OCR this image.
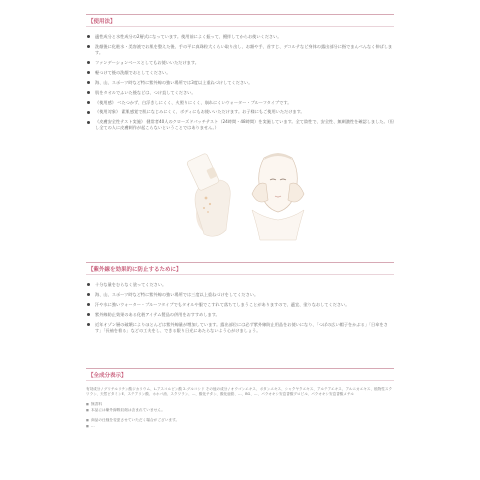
【使用法】
適性成分と水性成分の2層式になっています。使用前によく振って、攪拌してからお使いください。
洗顔後に化粧水・美容液でお肌を整えた後、手の平に真珠粒大くらい取り出し、お額や手、首すじ、デコルテなど身体の露出部分に指でまんべんなく伸ばします。
ファンデーションベースとしてもお使いいただけます。
軽つけて後の洗顔でおとしてください。
海、山、スポーツ時など特に紫外線の強い場所では3度以上重ねづけしてください。
肌をタオルでふいた後などは、つけ直してください。
《使用感》 べたつかず、白浮きしにくく、火照りにくく、崩れにくいウォーター・プルーフタイプです。
《使用対象》 素肌感覚で肌になじみにくく、ボディにもお使いいただけます。お子様にもご使用いただけます。
《皮膚安全性テスト実施》 健常者40人のクローズドパッチテスト（24時間・48時間）を実施しています。全て陰性で、安全性、無刺激性を確認しました。（但し全ての人に皮膚刺作が起こらないということではありません。）
【紫外線を効果的に防止するために】
十分な量をむらなく塗ってください。
海、山、スポーツ時など特に紫外線の強い場所では三度以上重ねづけをしてください。
汗や水に強いウォーター・プルーフタイプでもタオルや服でこすれて落ちてしまうことがありますので、適宜、塗りなおしてください。
紫外線防止効果のある化粧アイテム製品の併用をおすすめします。
近年オゾン層の破壊によりほとんどは紫外線量が増加しています。露出部位には必ず紫外線防止用品をお使いになり、「つばの広い帽子をかぶる」「日傘をさす」「長袖を着る」などの工夫をし、できる限り日光にあたらないよう心がけましょう。
【全成分表示】

有効成分 / グリチルリチン酸ジカリウム、L-アスコルビン酸 2-グルコシド その他の成分 / オウゴンエキス、ボタンエキス、シャクヤクエキス、アルテアエキス、アルニカエキス、植物性スクワラン、天然ビタミンE、ステアリン酸、ホホバ油、スクワラン、…、酸化チタン、酸化亜鉛、…、BG、…、パラオキシ安息香酸プロピル、パラオキシ安息香酸メチル

■ 無香料
■ 本品には紫外線吸収剤は含まれていません。
■ 商品の仕様を変更させていただく場合がございます。
■ …
